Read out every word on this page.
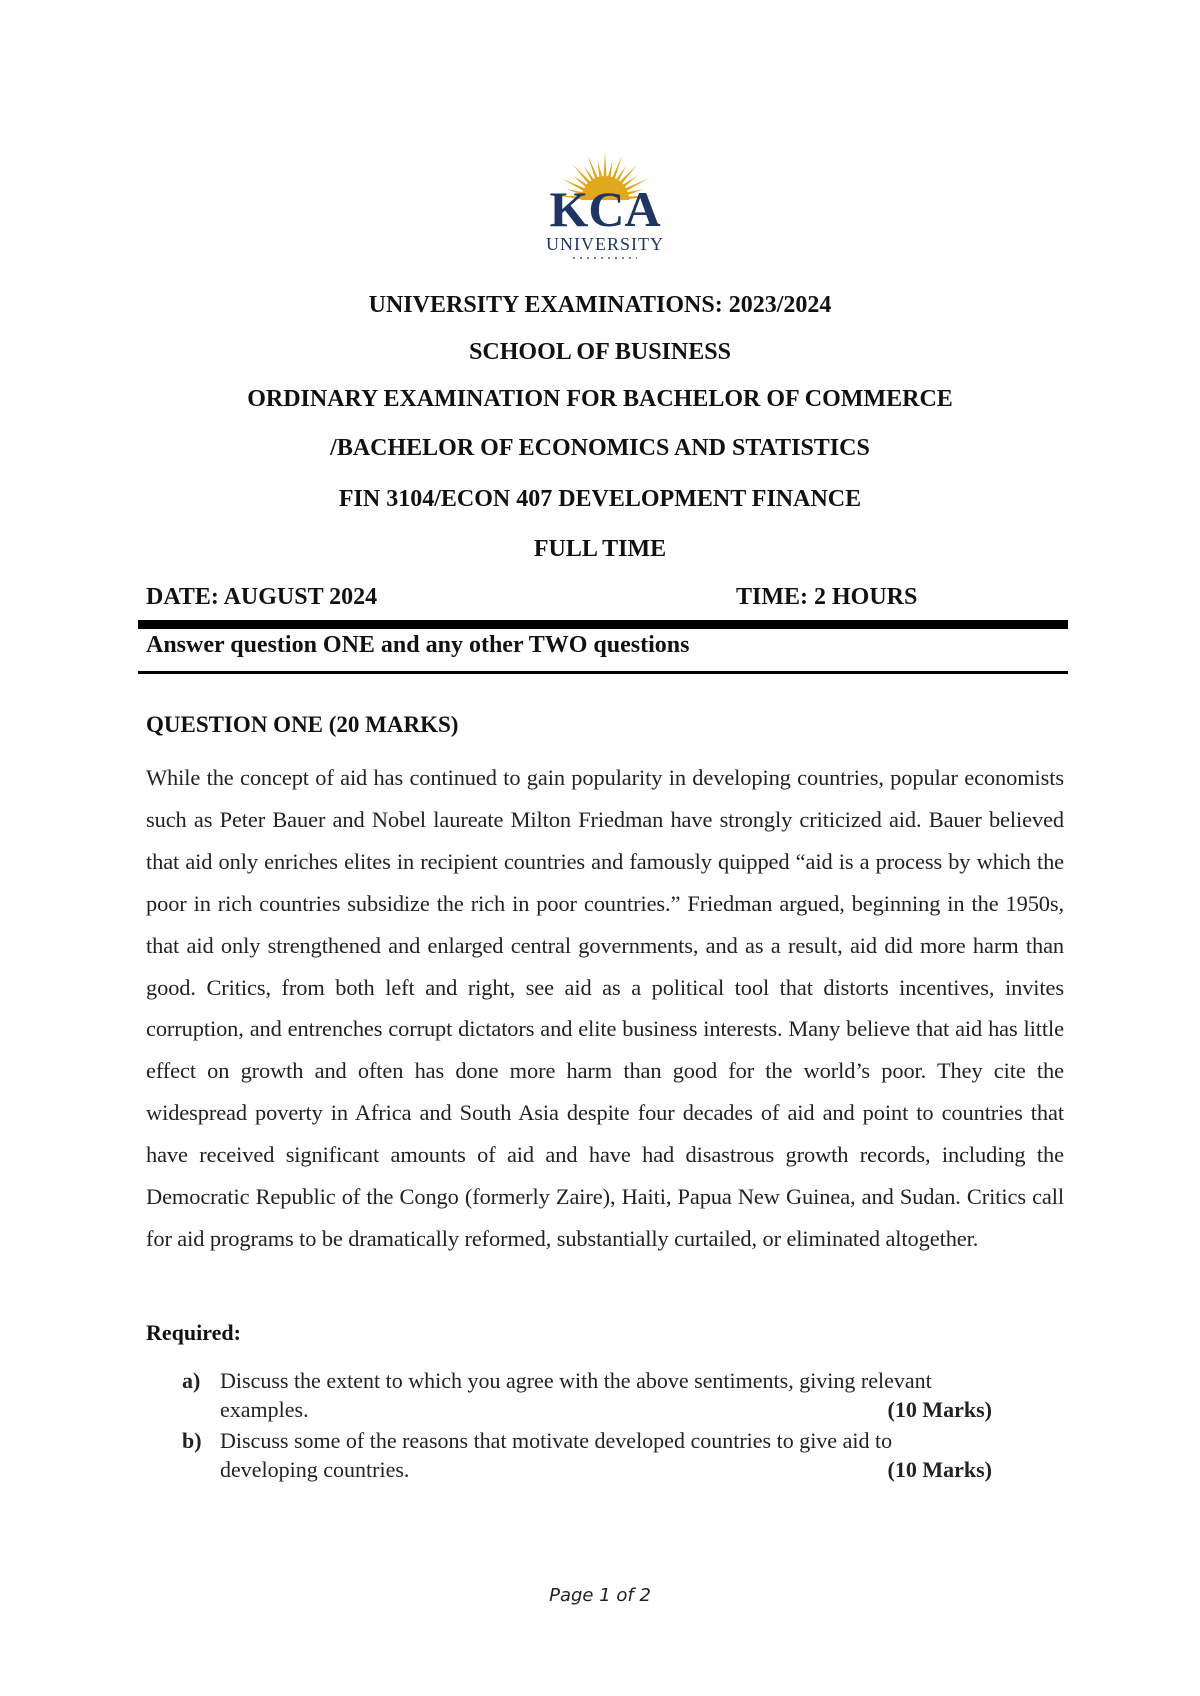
KCA
UNIVERSITY
UNIVERSITY EXAMINATIONS: 2023/2024
SCHOOL OF BUSINESS
ORDINARY EXAMINATION FOR BACHELOR OF COMMERCE
/BACHELOR OF ECONOMICS AND STATISTICS
FIN 3104/ECON 407 DEVELOPMENT FINANCE
FULL TIME
DATE: AUGUST 2024	TIME: 2 HOURS
Answer question ONE and any other TWO questions
QUESTION ONE (20 MARKS)
While the concept of aid has continued to gain popularity in developing countries, popular economists such as Peter Bauer and Nobel laureate Milton Friedman have strongly criticized aid. Bauer believed that aid only enriches elites in recipient countries and famously quipped “aid is a process by which the poor in rich countries subsidize the rich in poor countries.” Friedman argued, beginning in the 1950s, that aid only strengthened and enlarged central governments, and as a result, aid did more harm than good. Critics, from both left and right, see aid as a political tool that distorts incentives, invites corruption, and entrenches corrupt dictators and elite business interests. Many believe that aid has little effect on growth and often has done more harm than good for the world’s poor. They cite the widespread poverty in Africa and South Asia despite four decades of aid and point to countries that have received significant amounts of aid and have had disastrous growth records, including the Democratic Republic of the Congo (formerly Zaire), Haiti, Papua New Guinea, and Sudan. Critics call for aid programs to be dramatically reformed, substantially curtailed, or eliminated altogether.
Required:
a) Discuss the extent to which you agree with the above sentiments, giving relevant examples.	(10 Marks)
b) Discuss some of the reasons that motivate developed countries to give aid to developing countries.	(10 Marks)
Page 1 of 2
